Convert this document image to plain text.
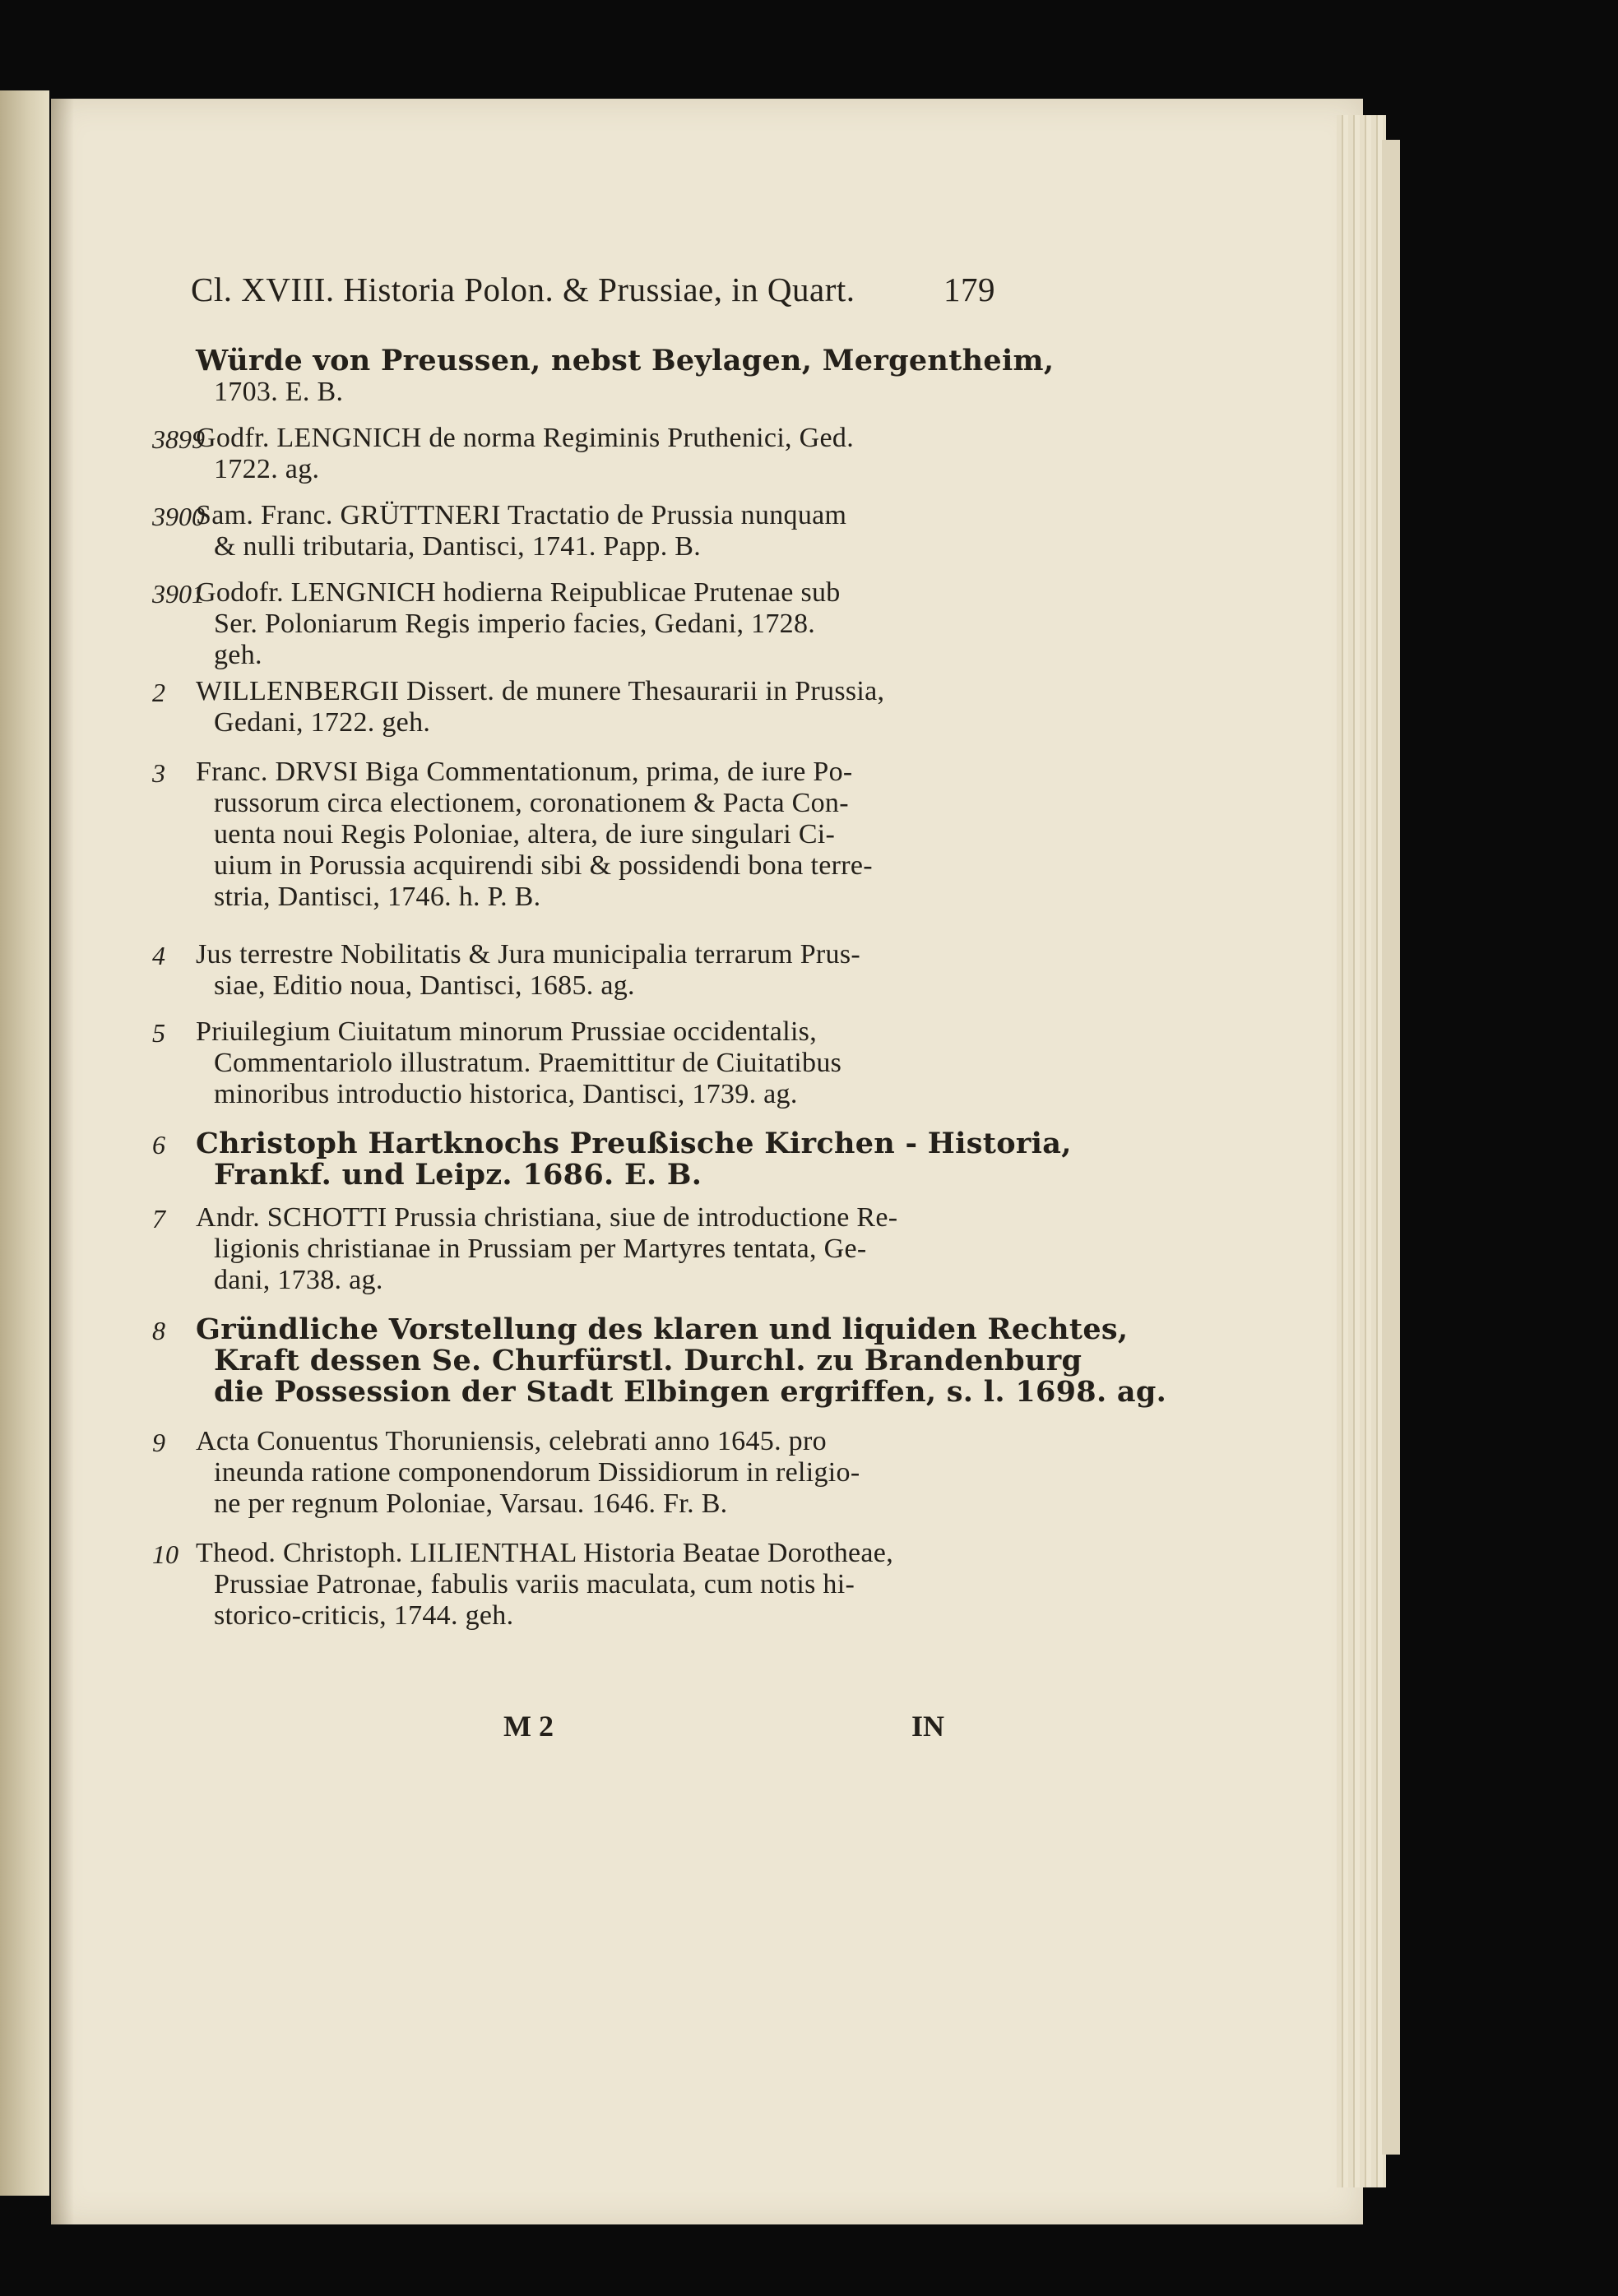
Cl. XVIII. Historia Polon. & Prussiae, in Quart.	179
Würde von Preussen, nebst Beylagen, Mergentheim,
1703. E. B.
3899
Godfr. LENGNICH de norma Regiminis Pruthenici, Ged.
1722. ag.
3900
Sam. Franc. GRÜTTNERI Tractatio de Prussia nunquam
& nulli tributaria, Dantisci, 1741. Papp. B.
3901
Godofr. LENGNICH hodierna Reipublicae Prutenae sub
Ser. Poloniarum Regis imperio facies, Gedani, 1728.
geh.
2 WILLENBERGII Dissert. de munere Thesaurarii in Prussia,
Gedani, 1722. geh.
3 Franc. DRVSI Biga Commentationum, prima, de iure Po-
russorum circa electionem, coronationem & Pacta Con-
uenta noui Regis Poloniae, altera, de iure singulari Ci-
uium in Porussia acquirendi sibi & possidendi bona terre-
stria, Dantisci, 1746. h. P. B.
4 Jus terrestre Nobilitatis & Jura municipalia terrarum Prus-
siae, Editio noua, Dantisci, 1685. ag.
5 Priuilegium Ciuitatum minorum Prussiae occidentalis,
Commentariolo illustratum. Praemittitur de Ciuitatibus
minoribus introductio historica, Dantisci, 1739. ag.
6 Christoph Hartknochs Preußische Kirchen - Historia,
Frankf. und Leipz. 1686. E. B.
7 Andr. SCHOTTI Prussia christiana, siue de introductione Re-
ligionis christianae in Prussiam per Martyres tentata, Ge-
dani, 1738. ag.
8 Gründliche Vorstellung des klaren und liquiden Rechtes,
Kraft dessen Se. Churfürstl. Durchl. zu Brandenburg
die Possession der Stadt Elbingen ergriffen, s. l. 1698. ag.
9 Acta Conuentus Thoruniensis, celebrati anno 1645. pro
ineunda ratione componendorum Dissidiorum in religio-
ne per regnum Poloniae, Varsau. 1646. Fr. B.
10 Theod. Christoph. LILIENTHAL Historia Beatae Dorotheae,
Prussiae Patronae, fabulis variis maculata, cum notis hi-
storico-criticis, 1744. geh.
M 2	IN
